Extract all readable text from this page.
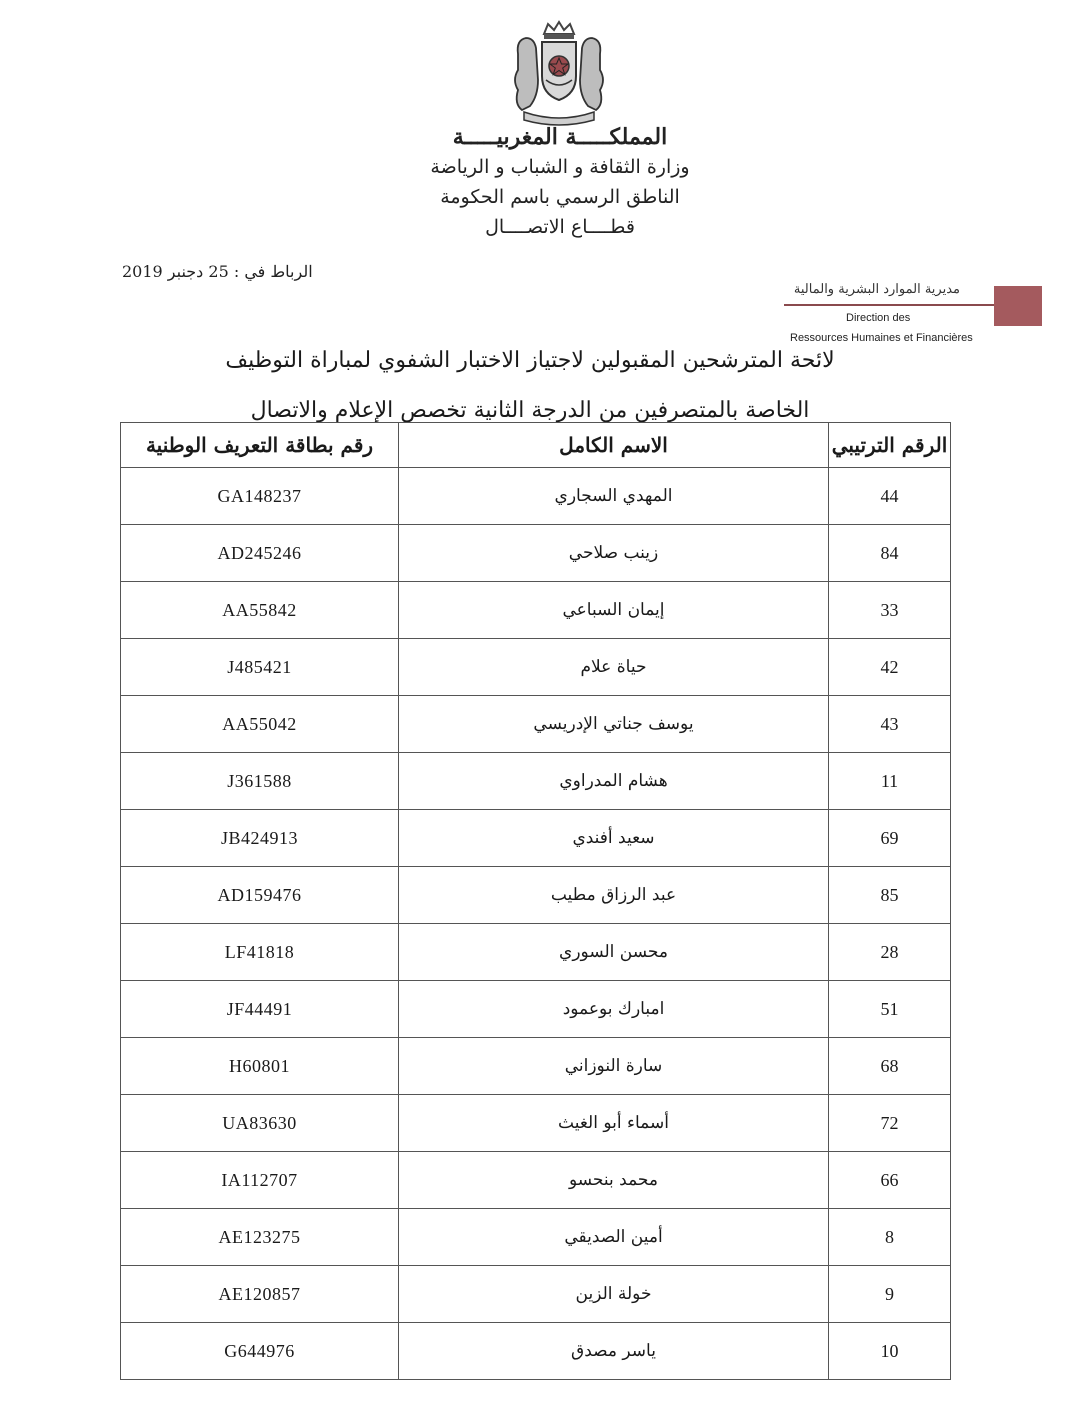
المملكـــــة المغربيـــــة
وزارة الثقافة و الشباب و الرياضة
الناطق الرسمي باسم الحكومة
قطــــاع الاتصــــال
الرباط في : 25 دجنبر 2019
مديرية الموارد البشرية والمالية
Direction des
Ressources Humaines et Financières
لائحة المترشحين المقبولين لاجتياز الاختبار الشفوي لمباراة التوظيف
الخاصة بالمتصرفين من الدرجة الثانية تخصص الإعلام والاتصال
الرقم الترتيبي	الاسم الكامل	رقم بطاقة التعريف الوطنية
44	المهدي السجاري	GA148237
84	زينب صلاحي	AD245246
33	إيمان السباعي	AA55842
42	حياة علام	J485421
43	يوسف جناتي الإدريسي	AA55042
11	هشام المدراوي	J361588
69	سعيد أفندي	JB424913
85	عبد الرزاق مطيب	AD159476
28	محسن السوري	LF41818
51	امبارك بوعمود	JF44491
68	سارة النوزاني	H60801
72	أسماء أبو الغيث	UA83630
66	محمد بنحسو	IA112707
8	أمين الصديقي	AE123275
9	خولة الزين	AE120857
10	ياسر مصدق	G644976
